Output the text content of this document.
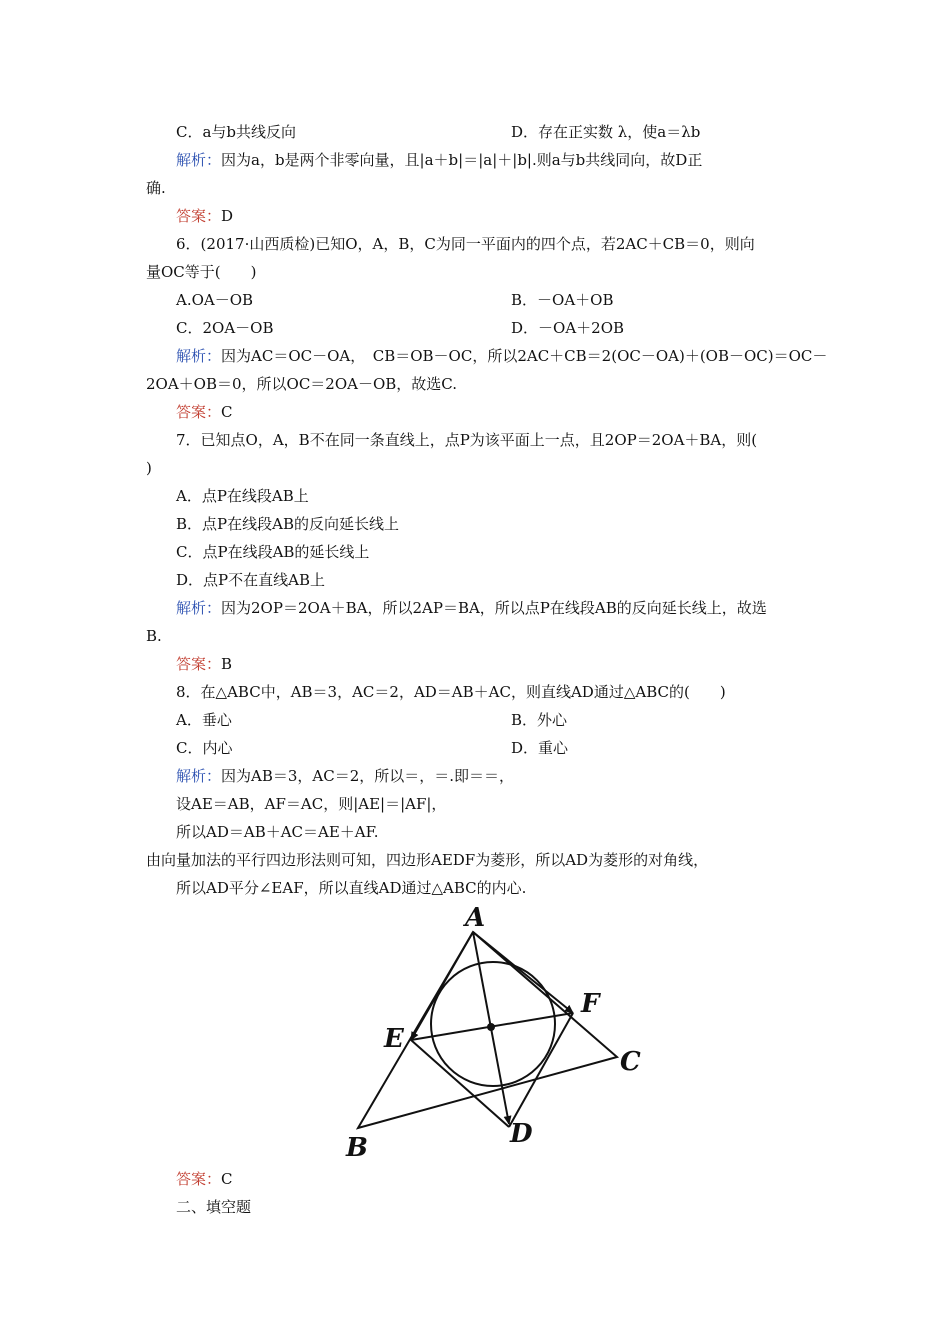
C．a与b共线反向	D．存在正实数 λ，使a＝λb
解析：因为a，b是两个非零向量，且|a＋b|＝|a|＋|b|.则a与b共线同向，故D正
确.
答案：D
6．(2017·山西质检)已知O，A，B，C为同一平面内的四个点，若2AC＋CB＝0，则向
量OC等于(　　)
A.OA－OB	B．－OA＋OB
C．2OA－OB	D．－OA＋2OB
解析：因为AC＝OC－OA，　CB＝OB－OC，所以2AC＋CB＝2(OC－OA)＋(OB－OC)＝OC－
2OA＋OB＝0，所以OC＝2OA－OB，故选C.
答案：C
7．已知点O，A，B不在同一条直线上，点P为该平面上一点，且2OP＝2OA＋BA，则(
)
A．点P在线段AB上
B．点P在线段AB的反向延长线上
C．点P在线段AB的延长线上
D．点P不在直线AB上
解析：因为2OP＝2OA＋BA，所以2AP＝BA，所以点P在线段AB的反向延长线上，故选
B.
答案：B
8．在△ABC中，AB＝3，AC＝2，AD＝AB＋AC，则直线AD通过△ABC的(　　)
A．垂心	B．外心
C．内心	D．重心
解析：因为AB＝3，AC＝2，所以＝，＝.即＝＝，
设AE＝AB，AF＝AC，则|AE|＝|AF|，
所以AD＝AB＋AC＝AE＋AF.
由向量加法的平行四边形法则可知，四边形AEDF为菱形，所以AD为菱形的对角线，
所以AD平分∠EAF，所以直线AD通过△ABC的内心.
A
B
C
D
E
F
答案：C
二、填空题
